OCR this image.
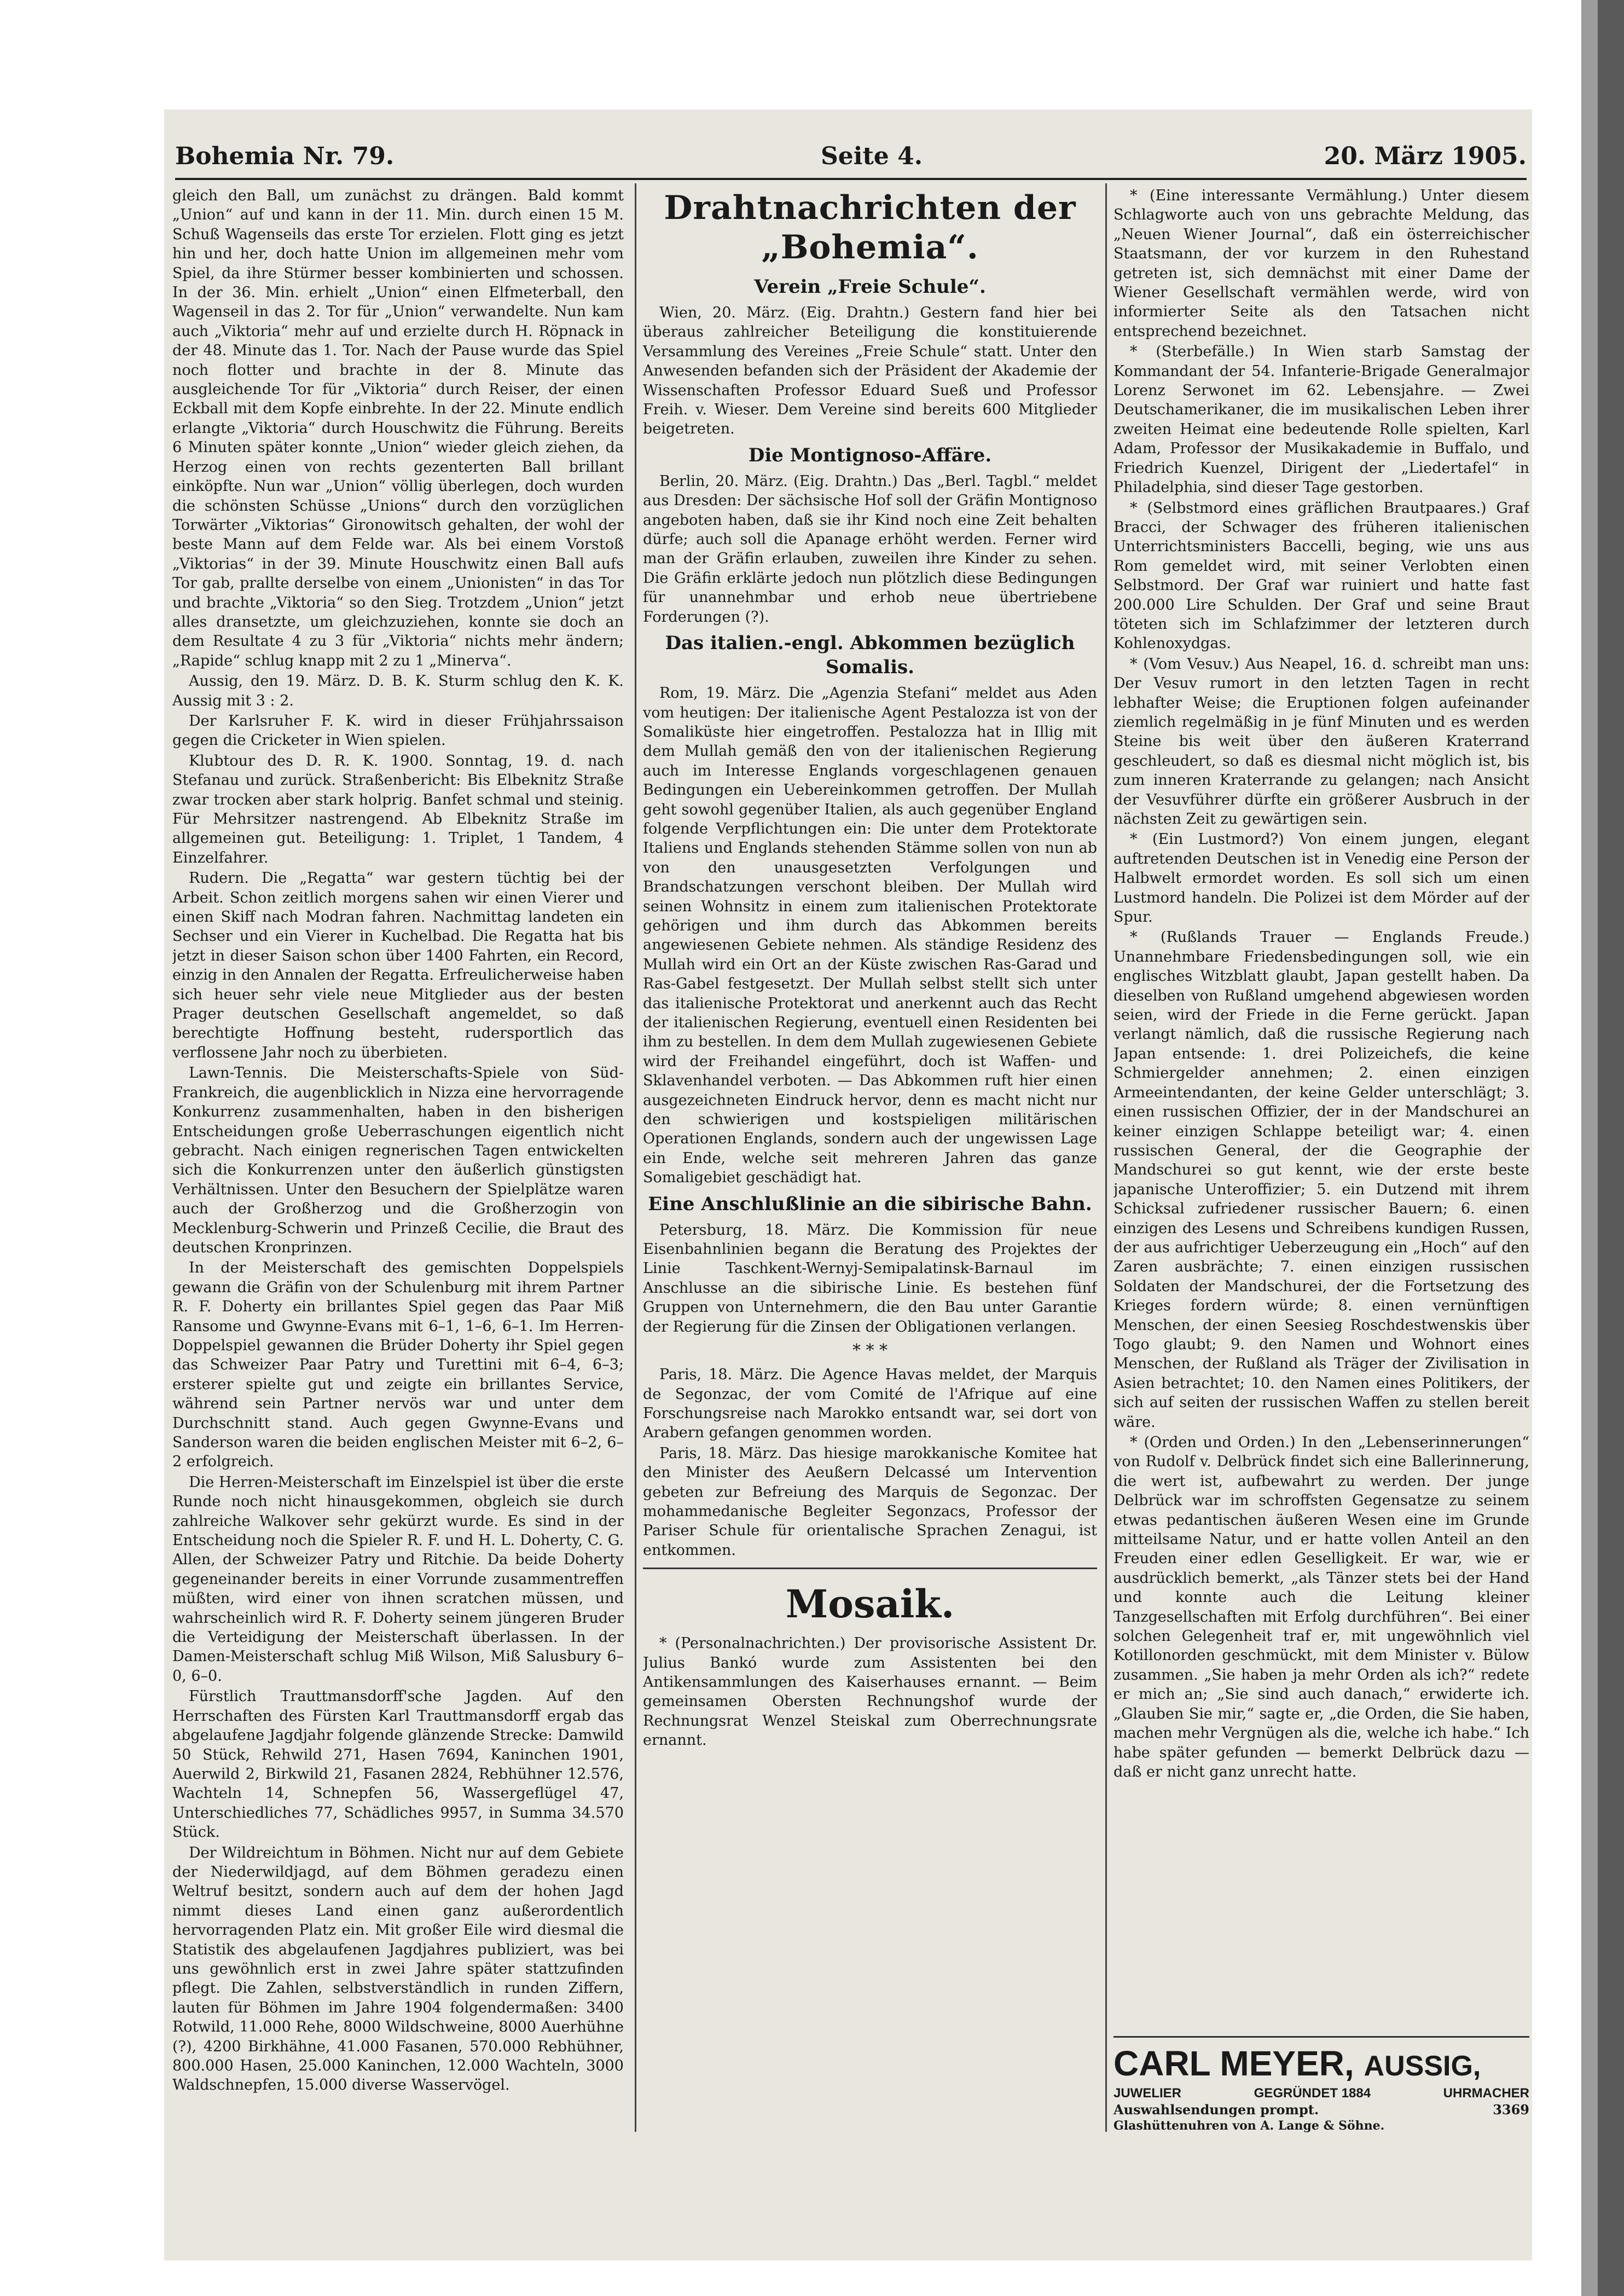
Bohemia Nr. 79.	Seite 4.	20. März 1905.

gleich den Ball, um zunächst zu drängen. Bald kommt „Union“ auf und kann in der 11. Min. durch einen 15 M. Schuß Wagenseils das erste Tor erzielen. Flott ging es jetzt hin und her, doch hatte Union im allgemeinen mehr vom Spiel, da ihre Stürmer besser kombinierten und schossen. In der 36. Min. erhielt „Union“ einen Elfmeterball, den Wagenseil in das 2. Tor für „Union“ verwandelte. Nun kam auch „Viktoria“ mehr auf und erzielte durch H. Röpnack in der 48. Minute das 1. Tor. Nach der Pause wurde das Spiel noch flotter und brachte in der 8. Minute das ausgleichende Tor für „Viktoria“ durch Reiser, der einen Eckball mit dem Kopfe einbrehte. In der 22. Minute endlich erlangte „Viktoria“ durch Houschwitz die Führung. Bereits 6 Minuten später konnte „Union“ wieder gleich ziehen, da Herzog einen von rechts gezenterten Ball brillant einköpfte. Nun war „Union“ völlig überlegen, doch wurden die schönsten Schüsse „Unions“ durch den vorzüglichen Torwärter „Viktorias“ Gironowitsch gehalten, der wohl der beste Mann auf dem Felde war. Als bei einem Vorstoß „Viktorias“ in der 39. Minute Houschwitz einen Ball aufs Tor gab, prallte derselbe von einem „Unionisten“ in das Tor und brachte „Viktoria“ so den Sieg. Trotzdem „Union“ jetzt alles dransetzte, um gleichzuziehen, konnte sie doch an dem Resultate 4 zu 3 für „Viktoria“ nichts mehr ändern; „Rapide“ schlug knapp mit 2 zu 1 „Minerva“.

Aussig, den 19. März. D. B. K. Sturm schlug den K. K. Aussig mit 3 : 2.

Der Karlsruher F. K. wird in dieser Frühjahrssaison gegen die Cricketer in Wien spielen.

Klubtour des D. R. K. 1900. Sonntag, 19. d. nach Stefanau und zurück. Straßenbericht: Bis Elbeknitz Straße zwar trocken aber stark holprig. Banfet schmal und steinig. Für Mehrsitzer nastrengend. Ab Elbeknitz Straße im allgemeinen gut. Beteiligung: 1. Triplet, 1 Tandem, 4 Einzelfahrer.

Rudern. Die „Regatta“ war gestern tüchtig bei der Arbeit. Schon zeitlich morgens sahen wir einen Vierer und einen Skiff nach Modran fahren. Nachmittag landeten ein Sechser und ein Vierer in Kuchelbad. Die Regatta hat bis jetzt in dieser Saison schon über 1400 Fahrten, ein Record, einzig in den Annalen der Regatta. Erfreulicherweise haben sich heuer sehr viele neue Mitglieder aus der besten Prager deutschen Gesellschaft angemeldet, so daß berechtigte Hoffnung besteht, rudersportlich das verflossene Jahr noch zu überbieten.

Lawn-Tennis. Die Meisterschafts-Spiele von Süd-Frankreich, die augenblicklich in Nizza eine hervorragende Konkurrenz zusammenhalten, haben in den bisherigen Entscheidungen große Ueberraschungen eigentlich nicht gebracht. Nach einigen regnerischen Tagen entwickelten sich die Konkurrenzen unter den äußerlich günstigsten Verhältnissen. Unter den Besuchern der Spielplätze waren auch der Großherzog und die Großherzogin von Mecklenburg-Schwerin und Prinzeß Cecilie, die Braut des deutschen Kronprinzen.

In der Meisterschaft des gemischten Doppelspiels gewann die Gräfin von der Schulenburg mit ihrem Partner R. F. Doherty ein brillantes Spiel gegen das Paar Miß Ransome und Gwynne-Evans mit 6–1, 1–6, 6–1. Im Herren-Doppelspiel gewannen die Brüder Doherty ihr Spiel gegen das Schweizer Paar Patry und Turettini mit 6–4, 6–3; ersterer spielte gut und zeigte ein brillantes Service, während sein Partner nervös war und unter dem Durchschnitt stand. Auch gegen Gwynne-Evans und Sanderson waren die beiden englischen Meister mit 6–2, 6–2 erfolgreich.

Die Herren-Meisterschaft im Einzelspiel ist über die erste Runde noch nicht hinausgekommen, obgleich sie durch zahlreiche Walkover sehr gekürzt wurde. Es sind in der Entscheidung noch die Spieler R. F. und H. L. Doherty, C. G. Allen, der Schweizer Patry und Ritchie. Da beide Doherty gegeneinander bereits in einer Vorrunde zusammentreffen müßten, wird einer von ihnen scratchen müssen, und wahrscheinlich wird R. F. Doherty seinem jüngeren Bruder die Verteidigung der Meisterschaft überlassen. In der Damen-Meisterschaft schlug Miß Wilson, Miß Salusbury 6–0, 6–0.

Fürstlich Trauttmansdorff'sche Jagden. Auf den Herrschaften des Fürsten Karl Trauttmansdorff ergab das abgelaufene Jagdjahr folgende glänzende Strecke: Damwild 50 Stück, Rehwild 271, Hasen 7694, Kaninchen 1901, Auerwild 2, Birkwild 21, Fasanen 2824, Rebhühner 12.576, Wachteln 14, Schnepfen 56, Wassergeflügel 47, Unterschiedliches 77, Schädliches 9957, in Summa 34.570 Stück.

Der Wildreichtum in Böhmen. Nicht nur auf dem Gebiete der Niederwildjagd, auf dem Böhmen geradezu einen Weltruf besitzt, sondern auch auf dem der hohen Jagd nimmt dieses Land einen ganz außerordentlich hervorragenden Platz ein. Mit großer Eile wird diesmal die Statistik des abgelaufenen Jagdjahres publiziert, was bei uns gewöhnlich erst in zwei Jahre später stattzufinden pflegt. Die Zahlen, selbstverständlich in runden Ziffern, lauten für Böhmen im Jahre 1904 folgendermaßen: 3400 Rotwild, 11.000 Rehe, 8000 Wildschweine, 8000 Auerhühne (?), 4200 Birkhähne, 41.000 Fasanen, 570.000 Rebhühner, 800.000 Hasen, 25.000 Kaninchen, 12.000 Wachteln, 3000 Waldschnepfen, 15.000 diverse Wasservögel.

Drahtnachrichten der „Bohemia“.
Verein „Freie Schule“.

Wien, 20. März. (Eig. Drahtn.) Gestern fand hier bei überaus zahlreicher Beteiligung die konstituierende Versammlung des Vereines „Freie Schule“ statt. Unter den Anwesenden befanden sich der Präsident der Akademie der Wissenschaften Professor Eduard Sueß und Professor Freih. v. Wieser. Dem Vereine sind bereits 600 Mitglieder beigetreten.

Die Montignoso-Affäre.

Berlin, 20. März. (Eig. Drahtn.) Das „Berl. Tagbl.“ meldet aus Dresden: Der sächsische Hof soll der Gräfin Montignoso angeboten haben, daß sie ihr Kind noch eine Zeit behalten dürfe; auch soll die Apanage erhöht werden. Ferner wird man der Gräfin erlauben, zuweilen ihre Kinder zu sehen. Die Gräfin erklärte jedoch nun plötzlich diese Bedingungen für unannehmbar und erhob neue übertriebene Forderungen (?).

Das italien.-engl. Abkommen bezüglich Somalis.

Rom, 19. März. Die „Agenzia Stefani“ meldet aus Aden vom heutigen: Der italienische Agent Pestalozza ist von der Somaliküste hier eingetroffen. Pestalozza hat in Illig mit dem Mullah gemäß den von der italienischen Regierung auch im Interesse Englands vorgeschlagenen genauen Bedingungen ein Uebereinkommen getroffen. Der Mullah geht sowohl gegenüber Italien, als auch gegenüber England folgende Verpflichtungen ein: Die unter dem Protektorate Italiens und Englands stehenden Stämme sollen von nun ab von den unausgesetzten Verfolgungen und Brandschatzungen verschont bleiben. Der Mullah wird seinen Wohnsitz in einem zum italienischen Protektorate gehörigen und ihm durch das Abkommen bereits angewiesenen Gebiete nehmen. Als ständige Residenz des Mullah wird ein Ort an der Küste zwischen Ras-Garad und Ras-Gabel festgesetzt. Der Mullah selbst stellt sich unter das italienische Protektorat und anerkennt auch das Recht der italienischen Regierung, eventuell einen Residenten bei ihm zu bestellen. In dem dem Mullah zugewiesenen Gebiete wird der Freihandel eingeführt, doch ist Waffen- und Sklavenhandel verboten. — Das Abkommen ruft hier einen ausgezeichneten Eindruck hervor, denn es macht nicht nur den schwierigen und kostspieligen militärischen Operationen Englands, sondern auch der ungewissen Lage ein Ende, welche seit mehreren Jahren das ganze Somaligebiet geschädigt hat.

Eine Anschlußlinie an die sibirische Bahn.

Petersburg, 18. März. Die Kommission für neue Eisenbahnlinien begann die Beratung des Projektes der Linie Taschkent-Wernyj-Semipalatinsk-Barnaul im Anschlusse an die sibirische Linie. Es bestehen fünf Gruppen von Unternehmern, die den Bau unter Garantie der Regierung für die Zinsen der Obligationen verlangen.

* * *

Paris, 18. März. Die Agence Havas meldet, der Marquis de Segonzac, der vom Comité de l'Afrique auf eine Forschungsreise nach Marokko entsandt war, sei dort von Arabern gefangen genommen worden.

Paris, 18. März. Das hiesige marokkanische Komitee hat den Minister des Aeußern Delcassé um Intervention gebeten zur Befreiung des Marquis de Segonzac. Der mohammedanische Begleiter Segonzacs, Professor der Pariser Schule für orientalische Sprachen Zenagui, ist entkommen.

Mosaik.

* (Personalnachrichten.) Der provisorische Assistent Dr. Julius Bankó wurde zum Assistenten bei den Antikensammlungen des Kaiserhauses ernannt. — Beim gemeinsamen Obersten Rechnungshof wurde der Rechnungsrat Wenzel Steiskal zum Oberrechnungsrate ernannt.

* (Eine interessante Vermählung.) Unter diesem Schlagworte auch von uns gebrachte Meldung, das „Neuen Wiener Journal“, daß ein österreichischer Staatsmann, der vor kurzem in den Ruhestand getreten ist, sich demnächst mit einer Dame der Wiener Gesellschaft vermählen werde, wird von informierter Seite als den Tatsachen nicht entsprechend bezeichnet.

* (Sterbefälle.) In Wien starb Samstag der Kommandant der 54. Infanterie-Brigade Generalmajor Lorenz Serwonet im 62. Lebensjahre. — Zwei Deutschamerikaner, die im musikalischen Leben ihrer zweiten Heimat eine bedeutende Rolle spielten, Karl Adam, Professor der Musikakademie in Buffalo, und Friedrich Kuenzel, Dirigent der „Liedertafel“ in Philadelphia, sind dieser Tage gestorben.

* (Selbstmord eines gräflichen Brautpaares.) Graf Bracci, der Schwager des früheren italienischen Unterrichtsministers Baccelli, beging, wie uns aus Rom gemeldet wird, mit seiner Verlobten einen Selbstmord. Der Graf war ruiniert und hatte fast 200.000 Lire Schulden. Der Graf und seine Braut töteten sich im Schlafzimmer der letzteren durch Kohlenoxydgas.

* (Vom Vesuv.) Aus Neapel, 16. d. schreibt man uns: Der Vesuv rumort in den letzten Tagen in recht lebhafter Weise; die Eruptionen folgen aufeinander ziemlich regelmäßig in je fünf Minuten und es werden Steine bis weit über den äußeren Kraterrand geschleudert, so daß es diesmal nicht möglich ist, bis zum inneren Kraterrande zu gelangen; nach Ansicht der Vesuvführer dürfte ein größerer Ausbruch in der nächsten Zeit zu gewärtigen sein.

* (Ein Lustmord?) Von einem jungen, elegant auftretenden Deutschen ist in Venedig eine Person der Halbwelt ermordet worden. Es soll sich um einen Lustmord handeln. Die Polizei ist dem Mörder auf der Spur.

* (Rußlands Trauer — Englands Freude.) Unannehmbare Friedensbedingungen soll, wie ein englisches Witzblatt glaubt, Japan gestellt haben. Da dieselben von Rußland umgehend abgewiesen worden seien, wird der Friede in die Ferne gerückt. Japan verlangt nämlich, daß die russische Regierung nach Japan entsende: 1. drei Polizeichefs, die keine Schmiergelder annehmen; 2. einen einzigen Armeeintendanten, der keine Gelder unterschlägt; 3. einen russischen Offizier, der in der Mandschurei an keiner einzigen Schlappe beteiligt war; 4. einen russischen General, der die Geographie der Mandschurei so gut kennt, wie der erste beste japanische Unteroffizier; 5. ein Dutzend mit ihrem Schicksal zufriedener russischer Bauern; 6. einen einzigen des Lesens und Schreibens kundigen Russen, der aus aufrichtiger Ueberzeugung ein „Hoch“ auf den Zaren ausbrächte; 7. einen einzigen russischen Soldaten der Mandschurei, der die Fortsetzung des Krieges fordern würde; 8. einen vernünftigen Menschen, der einen Seesieg Roschdestwenskis über Togo glaubt; 9. den Namen und Wohnort eines Menschen, der Rußland als Träger der Zivilisation in Asien betrachtet; 10. den Namen eines Politikers, der sich auf seiten der russischen Waffen zu stellen bereit wäre.

* (Orden und Orden.) In den „Lebenserinnerungen“ von Rudolf v. Delbrück findet sich eine Ballerinnerung, die wert ist, aufbewahrt zu werden. Der junge Delbrück war im schroffsten Gegensatze zu seinem etwas pedantischen äußeren Wesen eine im Grunde mitteilsame Natur, und er hatte vollen Anteil an den Freuden einer edlen Geselligkeit. Er war, wie er ausdrücklich bemerkt, „als Tänzer stets bei der Hand und konnte auch die Leitung kleiner Tanzgesellschaften mit Erfolg durchführen“. Bei einer solchen Gelegenheit traf er, mit ungewöhnlich viel Kotillonorden geschmückt, mit dem Minister v. Bülow zusammen. „Sie haben ja mehr Orden als ich?“ redete er mich an; „Sie sind auch danach,“ erwiderte ich. „Glauben Sie mir,“ sagte er, „die Orden, die Sie haben, machen mehr Vergnügen als die, welche ich habe.“ Ich habe später gefunden — bemerkt Delbrück dazu — daß er nicht ganz unrecht hatte.

CARL MEYER, AUSSIG,
JUWELIER	GEGRÜNDET 1884	UHRMACHER
Auswahlsendungen prompt.	3369
Glashüttenuhren von A. Lange & Söhne.
